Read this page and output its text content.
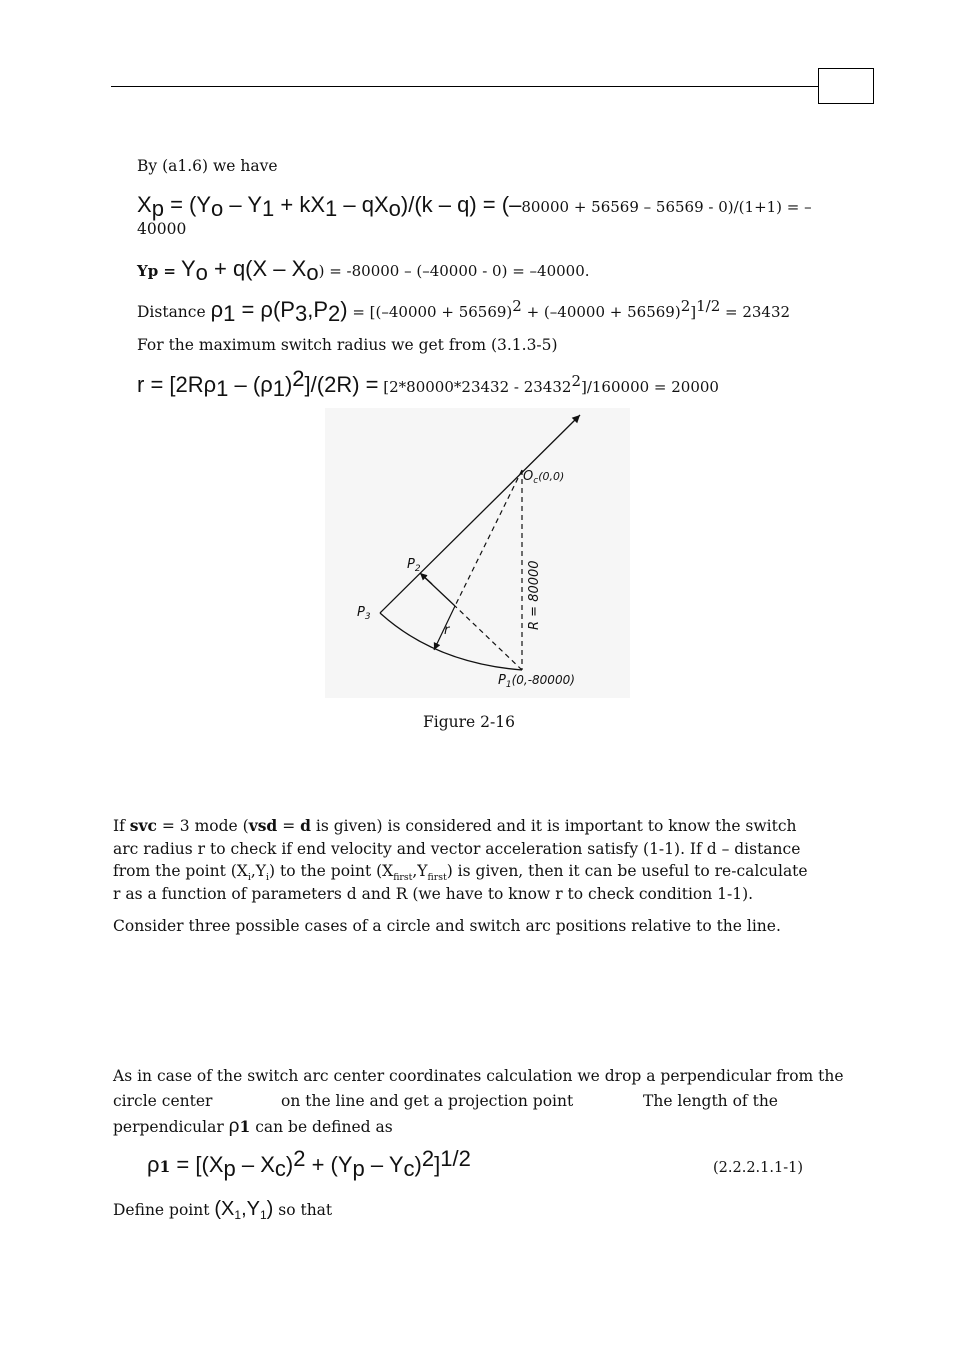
By (a1.6) we have
$X_p = (Y_o - Y_1 + kX_1 - qX_o)/(k - q) = (-80000 + 56569 - 56569 - 0)/(1+1)$ = –
40000
$Yp = Y_o + q(X - X_o) = -80000 - (-40000 - 0) = -40000$.
Distance $\rho_1 = \rho(P_3,P_2) = [(-40000 + 56569)^2 + (-40000 + 56569)^2]^{1/2} = 23432$
For the maximum switch radius we get from (3.1.3-5)
$r = [2R\rho_1 - (\rho_1)^2]/(2R) = [2*80000*23432 - 23432^2]/160000 = 20000$
$O_c^{(0,0)}$
$P_2$
$P_3$
$P_1(0,-80000)$
R = 80000
r
Figure 2-16
If svc = 3 mode (vsd = d is given) is considered and it is important to know the switch arc radius r to check if end velocity and vector acceleration satisfy (1-1). If d – distance from the point $(X_i,Y_i)$ to the point $(X_{first},Y_{first})$ is given, then it can be useful to re-calculate r as a function of parameters d and R (we have to know r to check condition 1-1).
Consider three possible cases of a circle and switch arc positions relative to the line.
As in case of the switch arc center coordinates calculation we drop a perpendicular from the
circle center	on the line and get a projection point	The length of the
perpendicular ρ1 can be defined as
$\rho 1 = [(X_p - X_c)^2 + (Y_p - Y_c)^2]^{1/2}$	(2.2.2.1.1-1)
Define point $(X_1,Y_1)$ so that
